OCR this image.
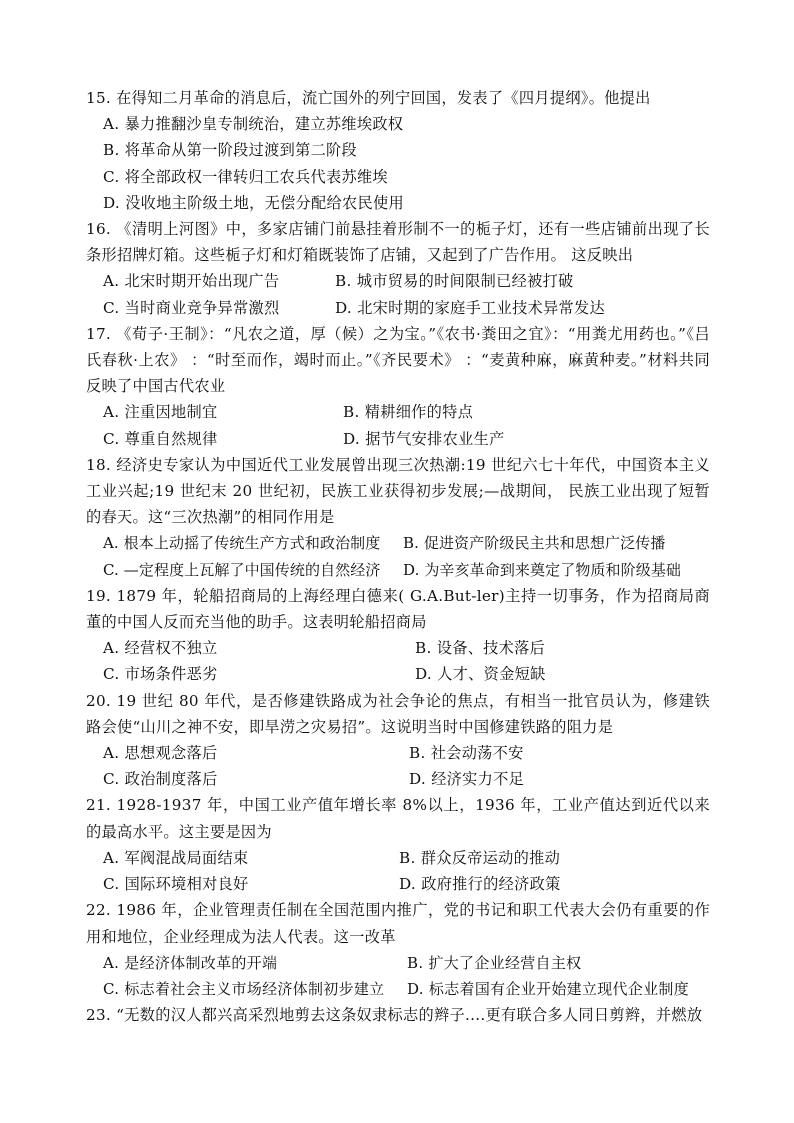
15. 在得知二月革命的消息后，流亡国外的列宁回国，发表了《四月提纲》。他提出
A. 暴力推翻沙皇专制统治，建立苏维埃政权
B. 将革命从第一阶段过渡到第二阶段
C. 将全部政权一律转归工农兵代表苏维埃
D. 没收地主阶级土地，无偿分配给农民使用
16. 《清明上河图》中，多家店铺门前悬挂着形制不一的栀子灯，还有一些店铺前出现了长条形招牌灯箱。这些栀子灯和灯箱既装饰了店铺，又起到了广告作用。 这反映出
A. 北宋时期开始出现广告	B. 城市贸易的时间限制已经被打破
C. 当时商业竞争异常激烈	D. 北宋时期的家庭手工业技术异常发达
17. 《荀子·王制》：“凡农之道，厚（候）之为宝。”《农书·粪田之宜》：“用粪尤用药也。”《吕氏春秋·上农》 ：“时至而作，竭时而止。”《齐民要术》 ：“麦黄种麻，麻黄种麦。”材料共同反映了中国古代农业
A. 注重因地制宜	B. 精耕细作的特点
C. 尊重自然规律	D. 据节气安排农业生产
18. 经济史专家认为中国近代工业发展曾出现三次热潮:19 世纪六七十年代，中国资本主义工业兴起;19 世纪末 20 世纪初，民族工业获得初步发展;—战期间， 民族工业出现了短暂的春天。这“三次热潮”的相同作用是
A. 根本上动摇了传统生产方式和政治制度	B. 促进资产阶级民主共和思想广泛传播
C. —定程度上瓦解了中国传统的自然经济	D. 为辛亥革命到来奠定了物质和阶级基础
19. 1879 年，轮船招商局的上海经理白德来( G.A.But-ler)主持一切事务，作为招商局商董的中国人反而充当他的助手。这表明轮船招商局
A. 经营权不独立	B. 设备、技术落后
C. 市场条件恶劣	D. 人才、资金短缺
20. 19 世纪 80 年代，是否修建铁路成为社会争论的焦点，有相当一批官员认为，修建铁路会使“山川之神不安，即旱涝之灾易招”。这说明当时中国修建铁路的阻力是
A. 思想观念落后	B. 社会动荡不安
C. 政治制度落后	D. 经济实力不足
21. 1928-1937 年，中国工业产值年增长率 8%以上，1936 年，工业产值达到近代以来的最高水平。这主要是因为
A. 军阀混战局面结束	B. 群众反帝运动的推动
C. 国际环境相对良好	D. 政府推行的经济政策
22. 1986 年，企业管理责任制在全国范围内推广，党的书记和职工代表大会仍有重要的作用和地位，企业经理成为法人代表。这一改革
A. 是经济体制改革的开端	B. 扩大了企业经营自主权
C. 标志着社会主义市场经济体制初步建立	D. 标志着国有企业开始建立现代企业制度
23. “无数的汉人都兴高采烈地剪去这条奴隶标志的辫子....更有联合多人同日剪辫，并燃放
